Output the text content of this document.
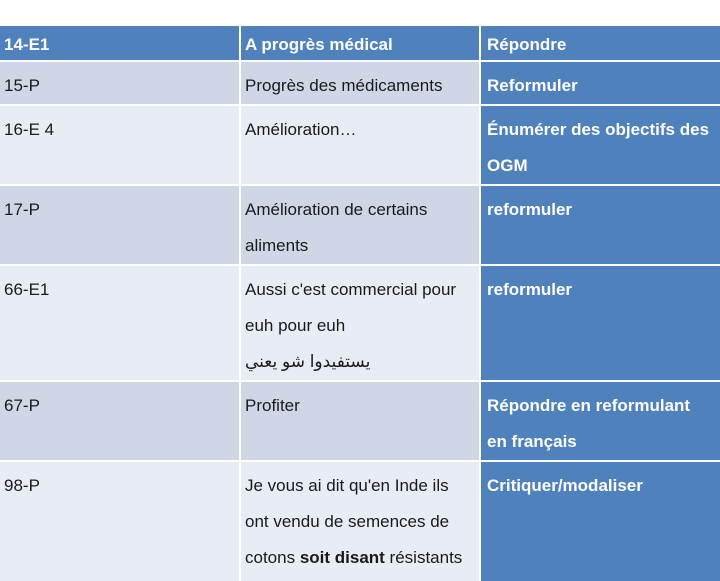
14-E1	A progrès médical	Répondre
15-P	Progrès des médicaments	Reformuler

16-E 4	Amélioration…	Énumérer des objectifs des
OGM

17-P	Amélioration de certains
aliments	reformuler

66-E1	Aussi c'est commercial pour
euh pour euh
يستفيدوا شو يعني	reformuler

67-P	Profiter	Répondre en reformulant
en français

98-P	Je vous ai dit qu'en Inde ils
ont vendu de semences de
cotons soit disant résistants	Critiquer/modaliser
